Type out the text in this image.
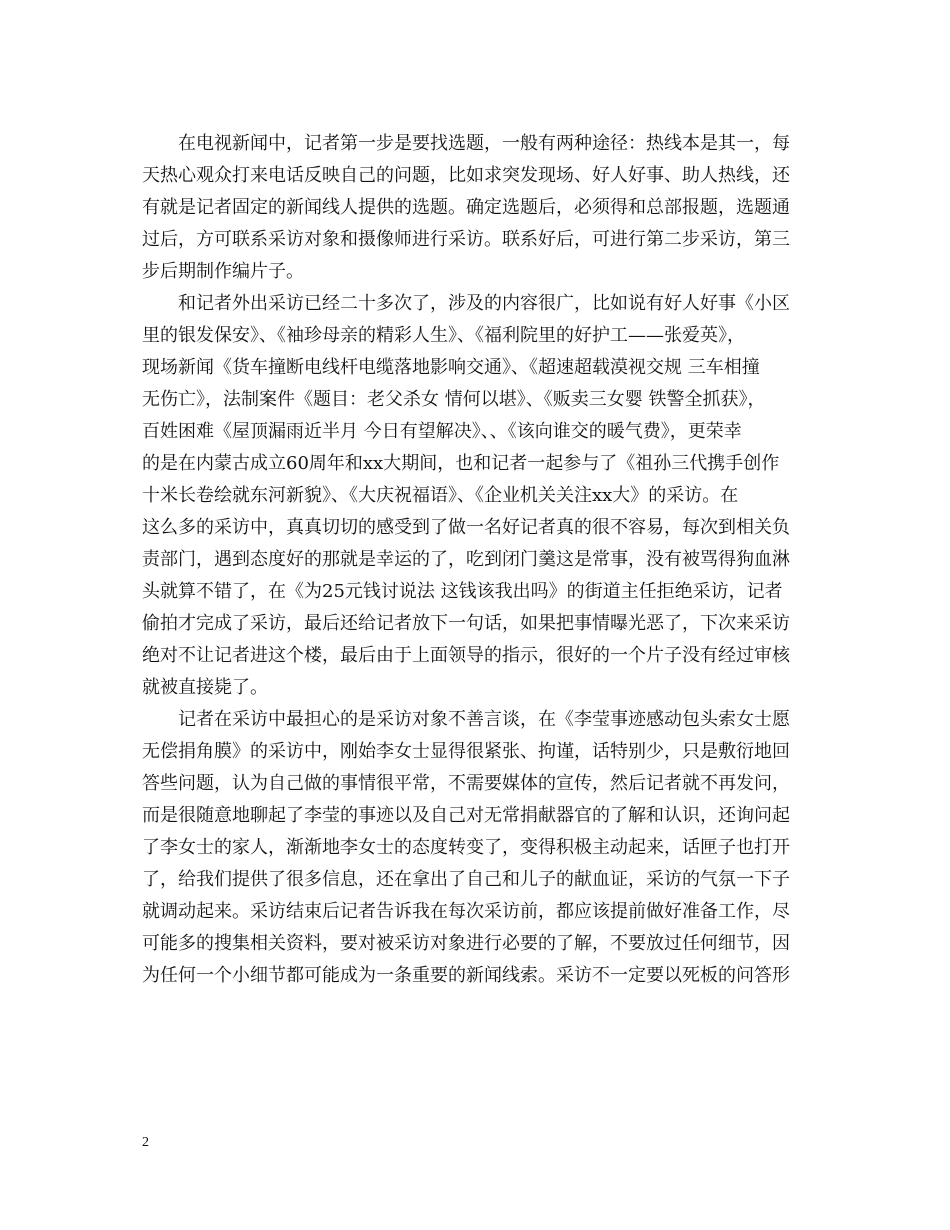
　　在电视新闻中，记者第一步是要找选题，一般有两种途径：热线本是其一，每
天热心观众打来电话反映自己的问题，比如求突发现场、好人好事、助人热线，还
有就是记者固定的新闻线人提供的选题。确定选题后，必须得和总部报题，选题通
过后，方可联系采访对象和摄像师进行采访。联系好后，可进行第二步采访，第三
步后期制作编片子。
　　和记者外出采访已经二十多次了，涉及的内容很广，比如说有好人好事《小区
里的银发保安》、《袖珍母亲的精彩人生》、《福利院里的好护工——张爱英》，
现场新闻《货车撞断电线杆电缆落地影响交通》、《超速超载漠视交规 三车相撞
无伤亡》，法制案件《题目：老父杀女 情何以堪》、《贩卖三女婴 铁警全抓获》，
百姓困难《屋顶漏雨近半月 今日有望解决》、、《该向谁交的暖气费》，更荣幸
的是在内蒙古成立60周年和xx大期间，也和记者一起参与了《祖孙三代携手创作
十米长卷绘就东河新貌》、《大庆祝福语》、《企业机关关注xx大》的采访。在
这么多的采访中，真真切切的感受到了做一名好记者真的很不容易，每次到相关负
责部门，遇到态度好的那就是幸运的了，吃到闭门羹这是常事，没有被骂得狗血淋
头就算不错了，在《为25元钱讨说法 这钱该我出吗》的街道主任拒绝采访，记者
偷拍才完成了采访，最后还给记者放下一句话，如果把事情曝光恶了，下次来采访
绝对不让记者进这个楼，最后由于上面领导的指示，很好的一个片子没有经过审核
就被直接毙了。
　　记者在采访中最担心的是采访对象不善言谈，在《李莹事迹感动包头索女士愿
无偿捐角膜》的采访中，刚始李女士显得很紧张、拘谨，话特别少，只是敷衍地回
答些问题，认为自己做的事情很平常，不需要媒体的宣传，然后记者就不再发问，
而是很随意地聊起了李莹的事迹以及自己对无常捐献器官的了解和认识，还询问起
了李女士的家人，渐渐地李女士的态度转变了，变得积极主动起来，话匣子也打开
了，给我们提供了很多信息，还在拿出了自己和儿子的献血证，采访的气氛一下子
就调动起来。采访结束后记者告诉我在每次采访前，都应该提前做好准备工作，尽
可能多的搜集相关资料，要对被采访对象进行必要的了解，不要放过任何细节，因
为任何一个小细节都可能成为一条重要的新闻线索。采访不一定要以死板的问答形
2
